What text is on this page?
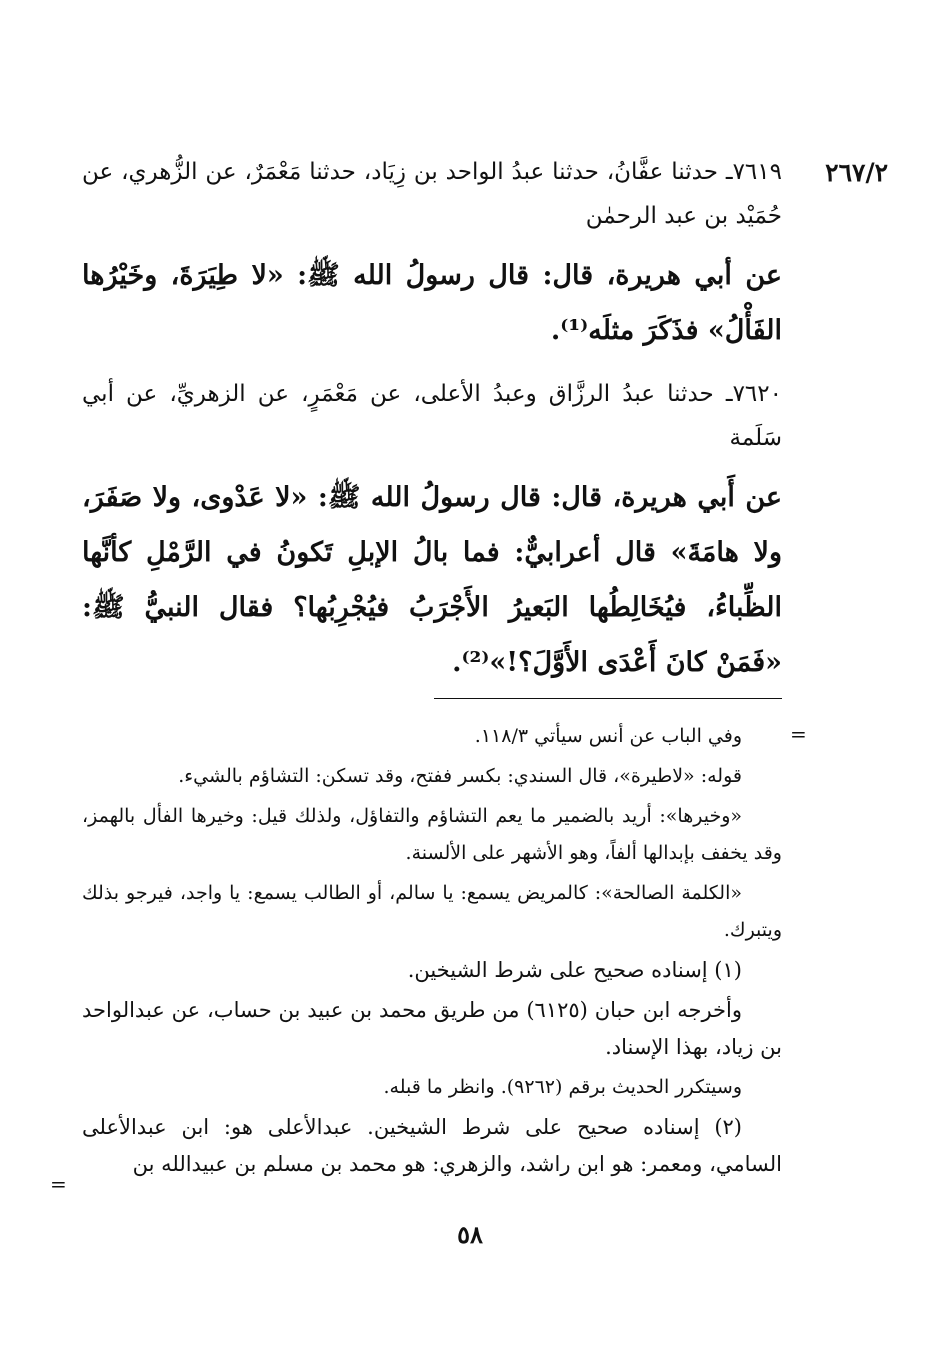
٢٦٧/٢

٧٦١٩ـ حدثنا عفَّانُ، حدثنا عبدُ الواحد بن زِيَاد، حدثنا مَعْمَرٌ، عن الزُّهري، عن حُمَيْد بن عبد الرحمٰن

عن أبي هريرة، قال: قال رسولُ الله ﷺ: «لا طِيَرَةَ، وخَيْرُها الفَأْلُ» فذَكَرَ مثلَه⁽¹⁾.

٧٦٢٠ـ حدثنا عبدُ الرزَّاق وعبدُ الأعلى، عن مَعْمَرٍ، عن الزهريِّ، عن أبي سَلَمة

عن أَبي هريرة، قال: قال رسولُ الله ﷺ: «لا عَدْوى، ولا صَفَرَ، ولا هامَةَ» قال أعرابيٌّ: فما بالُ الإبلِ تَكونُ في الرَّمْلِ كأنَّها الظِّباءُ، فيُخَالِطُها البَعيرُ الأَجْرَبُ فيُجْرِبُها؟ فقال النبيُّ ﷺ: «فَمَنْ كانَ أَعْدَى الأَوَّلَ؟!»⁽²⁾.

=

وفي الباب عن أنس سيأتي ١١٨/٣.

قوله: «لاطيرة»، قال السندي: بكسر ففتح، وقد تسكن: التشاؤم بالشيء.

«وخيرها»: أريد بالضمير ما يعم التشاؤم والتفاؤل، ولذلك قيل: وخيرها الفأل بالهمز، وقد يخفف بإبدالها ألفاً، وهو الأشهر على الألسنة.

«الكلمة الصالحة»: كالمريض يسمع: يا سالم، أو الطالب يسمع: يا واجد، فيرجو بذلك ويتبرك.

(١) إسناده صحيح على شرط الشيخين.

وأخرجه ابن حبان (٦١٢٥) من طريق محمد بن عبيد بن حساب، عن عبدالواحد بن زياد، بهذا الإسناد.

وسيتكرر الحديث برقم (٩٢٦٢). وانظر ما قبله.

(٢) إسناده صحيح على شرط الشيخين. عبدالأعلى هو: ابن عبدالأعلى السامي، ومعمر: هو ابن راشد، والزهري: هو محمد بن مسلم بن عبيدالله بن

=
٥٨
